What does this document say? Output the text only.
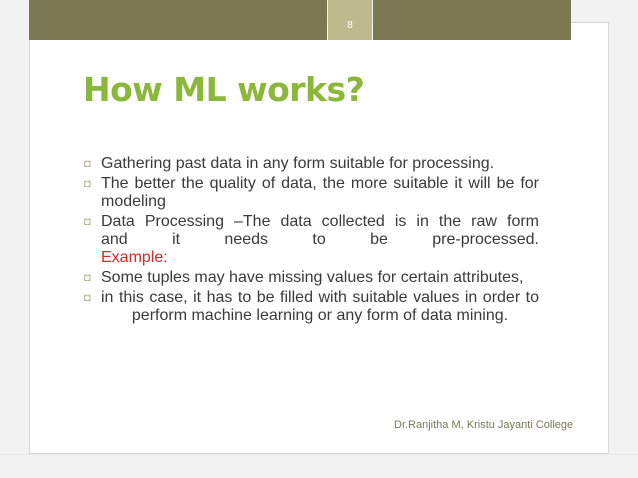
8
How ML works?
◘ Gathering past data in any form suitable for processing.
◘ The better the quality of data, the more suitable it will be for modeling
◘ Data Processing –The data collected is in the raw form
and it needs to be pre-processed.
Example:
◘ Some tuples may have missing values for certain attributes,
◘ in this case, it has to be filled with suitable values in order to perform machine learning or any form of data mining.
Dr.Ranjitha M, Kristu Jayanti College
